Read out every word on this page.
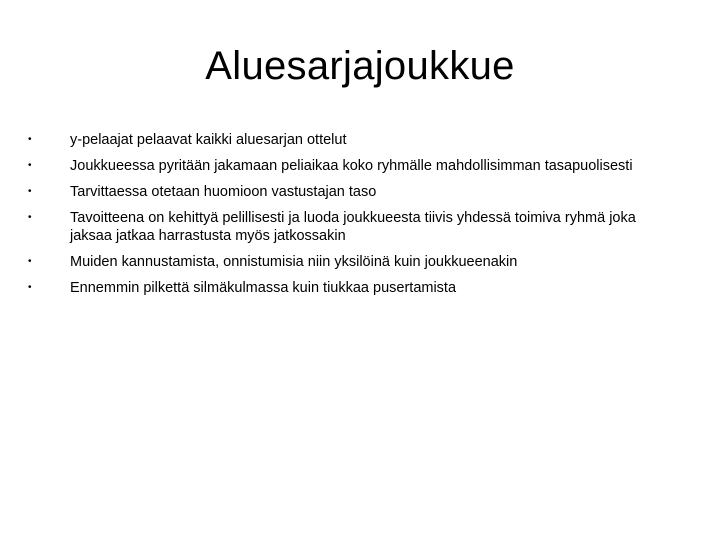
Aluesarjajoukkue
•	y-pelaajat pelaavat kaikki aluesarjan ottelut
•	Joukkueessa pyritään jakamaan peliaikaa koko ryhmälle mahdollisimman tasapuolisesti
•	Tarvittaessa otetaan huomioon vastustajan taso
•	Tavoitteena on kehittyä pelillisesti ja luoda joukkueesta tiivis yhdessä toimiva ryhmä joka jaksaa jatkaa harrastusta myös jatkossakin
•	Muiden kannustamista, onnistumisia niin yksilöinä kuin joukkueenakin
•	Ennemmin pilkettä silmäkulmassa kuin tiukkaa pusertamista
